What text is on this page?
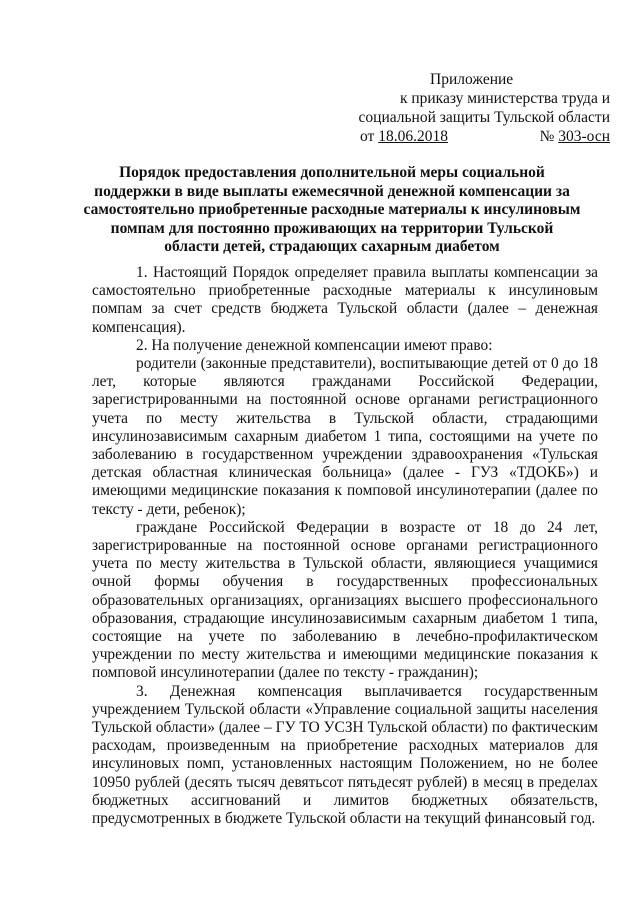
Приложение
к приказу министерства труда и
социальной защиты Тульской области
от 18.06.2018	№ 303-осн
Порядок предоставления дополнительной меры социальной поддержки в виде выплаты ежемесячной денежной компенсации за самостоятельно приобретенные расходные материалы к инсулиновым помпам для постоянно проживающих на территории Тульской области детей, страдающих сахарным диабетом

1. Настоящий Порядок определяет правила выплаты компенсации за самостоятельно приобретенные расходные материалы к инсулиновым помпам за счет средств бюджета Тульской области (далее – денежная компенсация).

2. На получение денежной компенсации имеют право:

родители (законные представители), воспитывающие детей от 0 до 18 лет, которые являются гражданами Российской Федерации, зарегистрированными на постоянной основе органами регистрационного учета по месту жительства в Тульской области, страдающими инсулинозависимым сахарным диабетом 1 типа, состоящими на учете по заболеванию в государственном учреждении здравоохранения «Тульская детская областная клиническая больница» (далее - ГУЗ «ТДОКБ») и имеющими медицинские показания к помповой инсулинотерапии (далее по тексту - дети, ребенок);

граждане Российской Федерации в возрасте от 18 до 24 лет, зарегистрированные на постоянной основе органами регистрационного учета по месту жительства в Тульской области, являющиеся учащимися очной формы обучения в государственных профессиональных образовательных организациях, организациях высшего профессионального образования, страдающие инсулинозависимым сахарным диабетом 1 типа, состоящие на учете по заболеванию в лечебно-профилактическом учреждении по месту жительства и имеющими медицинские показания к помповой инсулинотерапии (далее по тексту - гражданин);

3. Денежная компенсация выплачивается государственным учреждением Тульской области «Управление социальной защиты населения Тульской области» (далее – ГУ ТО УСЗН Тульской области) по фактическим расходам, произведенным на приобретение расходных материалов для инсулиновых помп, установленных настоящим Положением, но не более 10950 рублей (десять тысяч девятьсот пятьдесят рублей) в месяц в пределах бюджетных ассигнований и лимитов бюджетных обязательств, предусмотренных в бюджете Тульской области на текущий финансовый год.
